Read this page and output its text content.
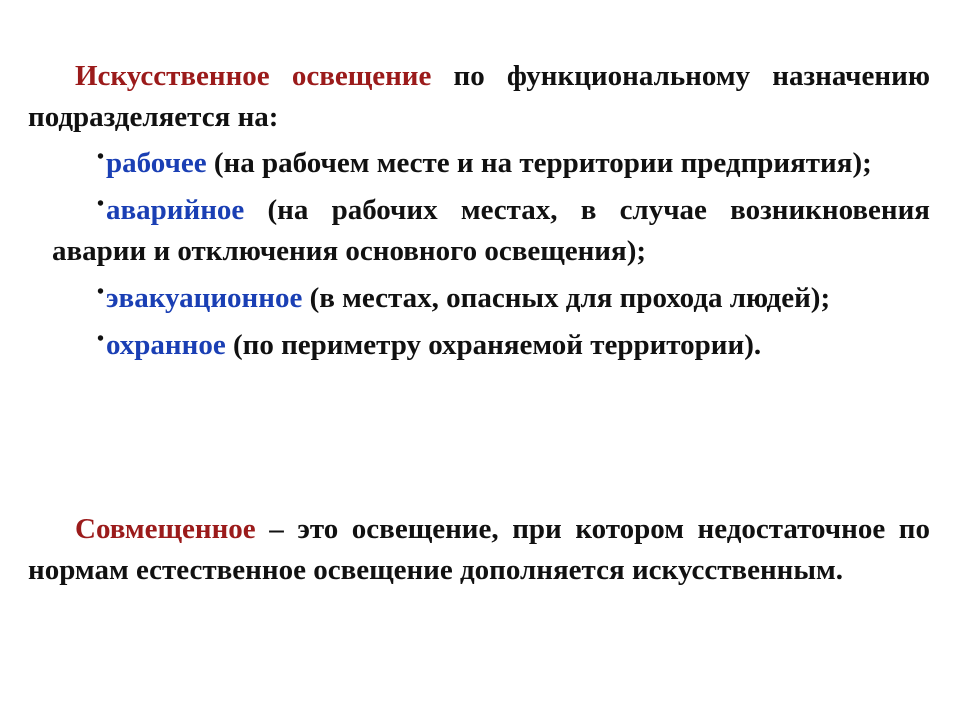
Искусственное освещение по функциональному назначению подразделяется на:

•рабочее (на рабочем месте и на территории предприятия);
•аварийное (на рабочих местах, в случае возникновения аварии и отключения основного освещения);
•эвакуационное (в местах, опасных для прохода людей);
•охранное (по периметру охраняемой территории).

Совмещенное – это освещение, при котором недостаточное по нормам естественное освещение дополняется искусственным.
